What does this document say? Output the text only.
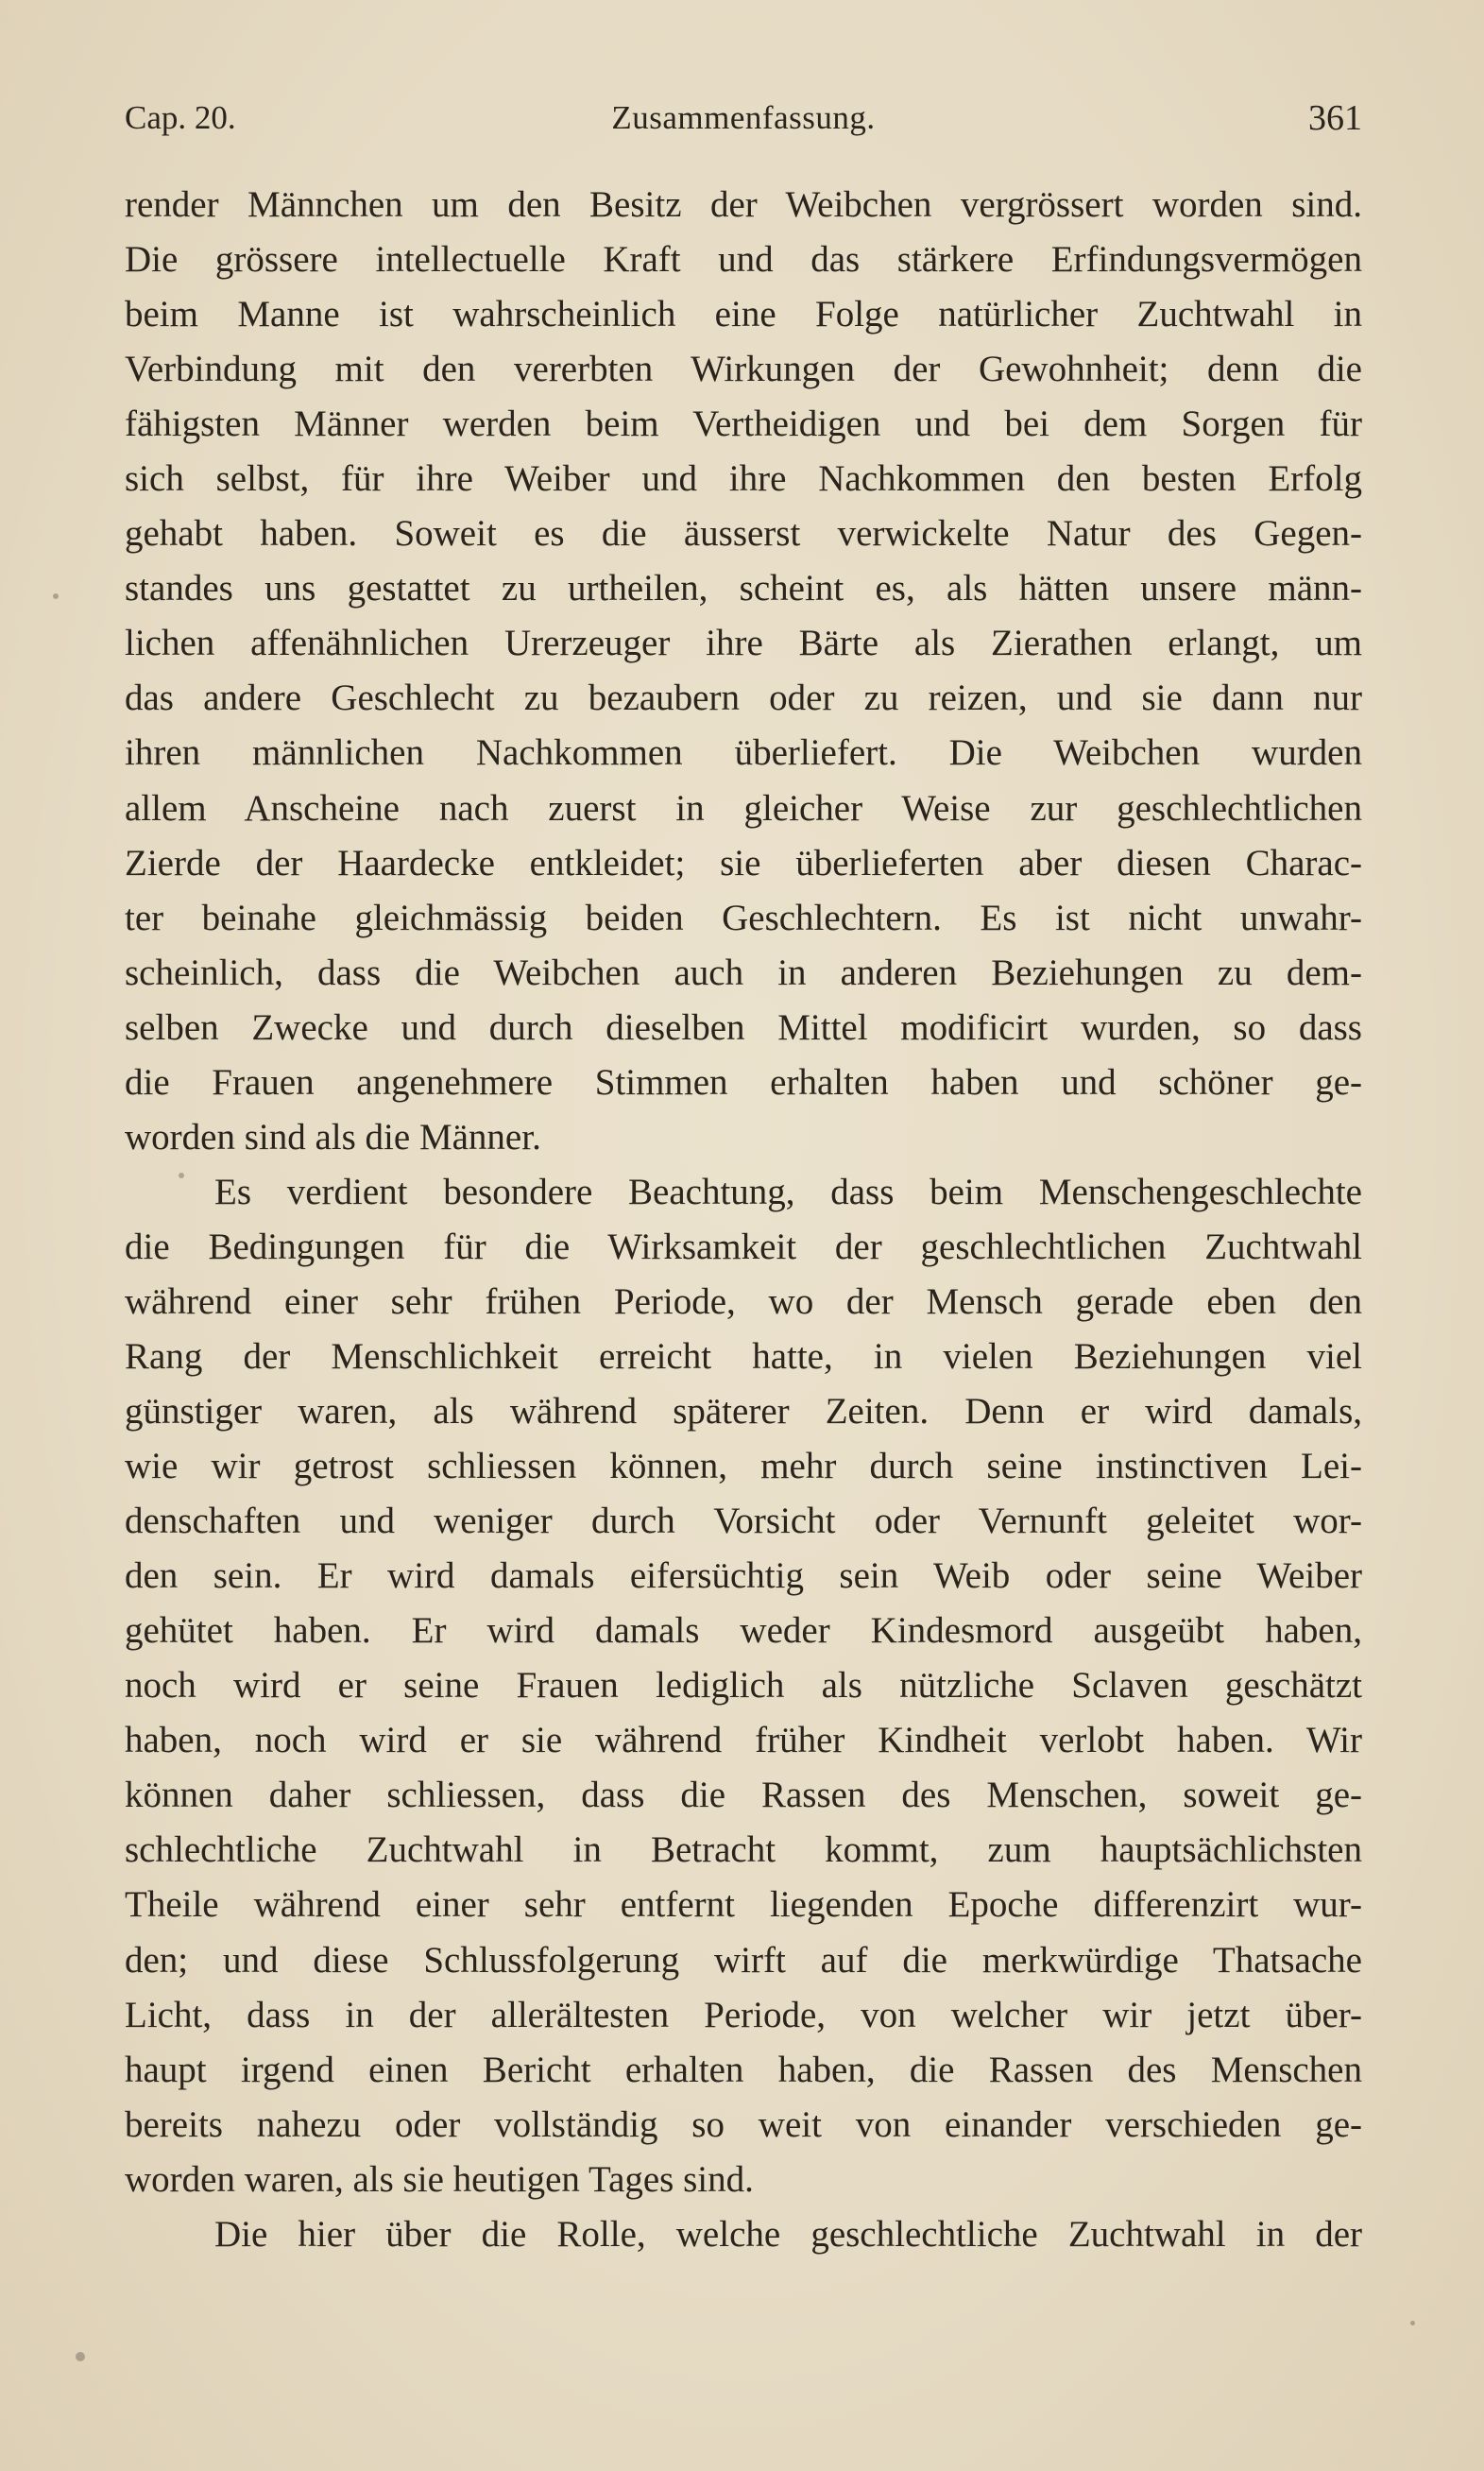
Cap. 20.	Zusammenfassung.	361
render Männchen um den Besitz der Weibchen vergrössert worden sind.
Die grössere intellectuelle Kraft und das stärkere Erfindungsvermögen
beim Manne ist wahrscheinlich eine Folge natürlicher Zuchtwahl in
Verbindung mit den vererbten Wirkungen der Gewohnheit; denn die
fähigsten Männer werden beim Vertheidigen und bei dem Sorgen für
sich selbst, für ihre Weiber und ihre Nachkommen den besten Erfolg
gehabt haben. Soweit es die äusserst verwickelte Natur des Gegen-
standes uns gestattet zu urtheilen, scheint es, als hätten unsere männ-
lichen affenähnlichen Urerzeuger ihre Bärte als Zierathen erlangt, um
das andere Geschlecht zu bezaubern oder zu reizen, und sie dann nur
ihren männlichen Nachkommen überliefert. Die Weibchen wurden
allem Anscheine nach zuerst in gleicher Weise zur geschlechtlichen
Zierde der Haardecke entkleidet; sie überlieferten aber diesen Charac-
ter beinahe gleichmässig beiden Geschlechtern. Es ist nicht unwahr-
scheinlich, dass die Weibchen auch in anderen Beziehungen zu dem-
selben Zwecke und durch dieselben Mittel modificirt wurden, so dass
die Frauen angenehmere Stimmen erhalten haben und schöner ge-
worden sind als die Männer.
Es verdient besondere Beachtung, dass beim Menschengeschlechte
die Bedingungen für die Wirksamkeit der geschlechtlichen Zuchtwahl
während einer sehr frühen Periode, wo der Mensch gerade eben den
Rang der Menschlichkeit erreicht hatte, in vielen Beziehungen viel
günstiger waren, als während späterer Zeiten. Denn er wird damals,
wie wir getrost schliessen können, mehr durch seine instinctiven Lei-
denschaften und weniger durch Vorsicht oder Vernunft geleitet wor-
den sein. Er wird damals eifersüchtig sein Weib oder seine Weiber
gehütet haben. Er wird damals weder Kindesmord ausgeübt haben,
noch wird er seine Frauen lediglich als nützliche Sclaven geschätzt
haben, noch wird er sie während früher Kindheit verlobt haben. Wir
können daher schliessen, dass die Rassen des Menschen, soweit ge-
schlechtliche Zuchtwahl in Betracht kommt, zum hauptsächlichsten
Theile während einer sehr entfernt liegenden Epoche differenzirt wur-
den; und diese Schlussfolgerung wirft auf die merkwürdige Thatsache
Licht, dass in der allerältesten Periode, von welcher wir jetzt über-
haupt irgend einen Bericht erhalten haben, die Rassen des Menschen
bereits nahezu oder vollständig so weit von einander verschieden ge-
worden waren, als sie heutigen Tages sind.
Die hier über die Rolle, welche geschlechtliche Zuchtwahl in der
